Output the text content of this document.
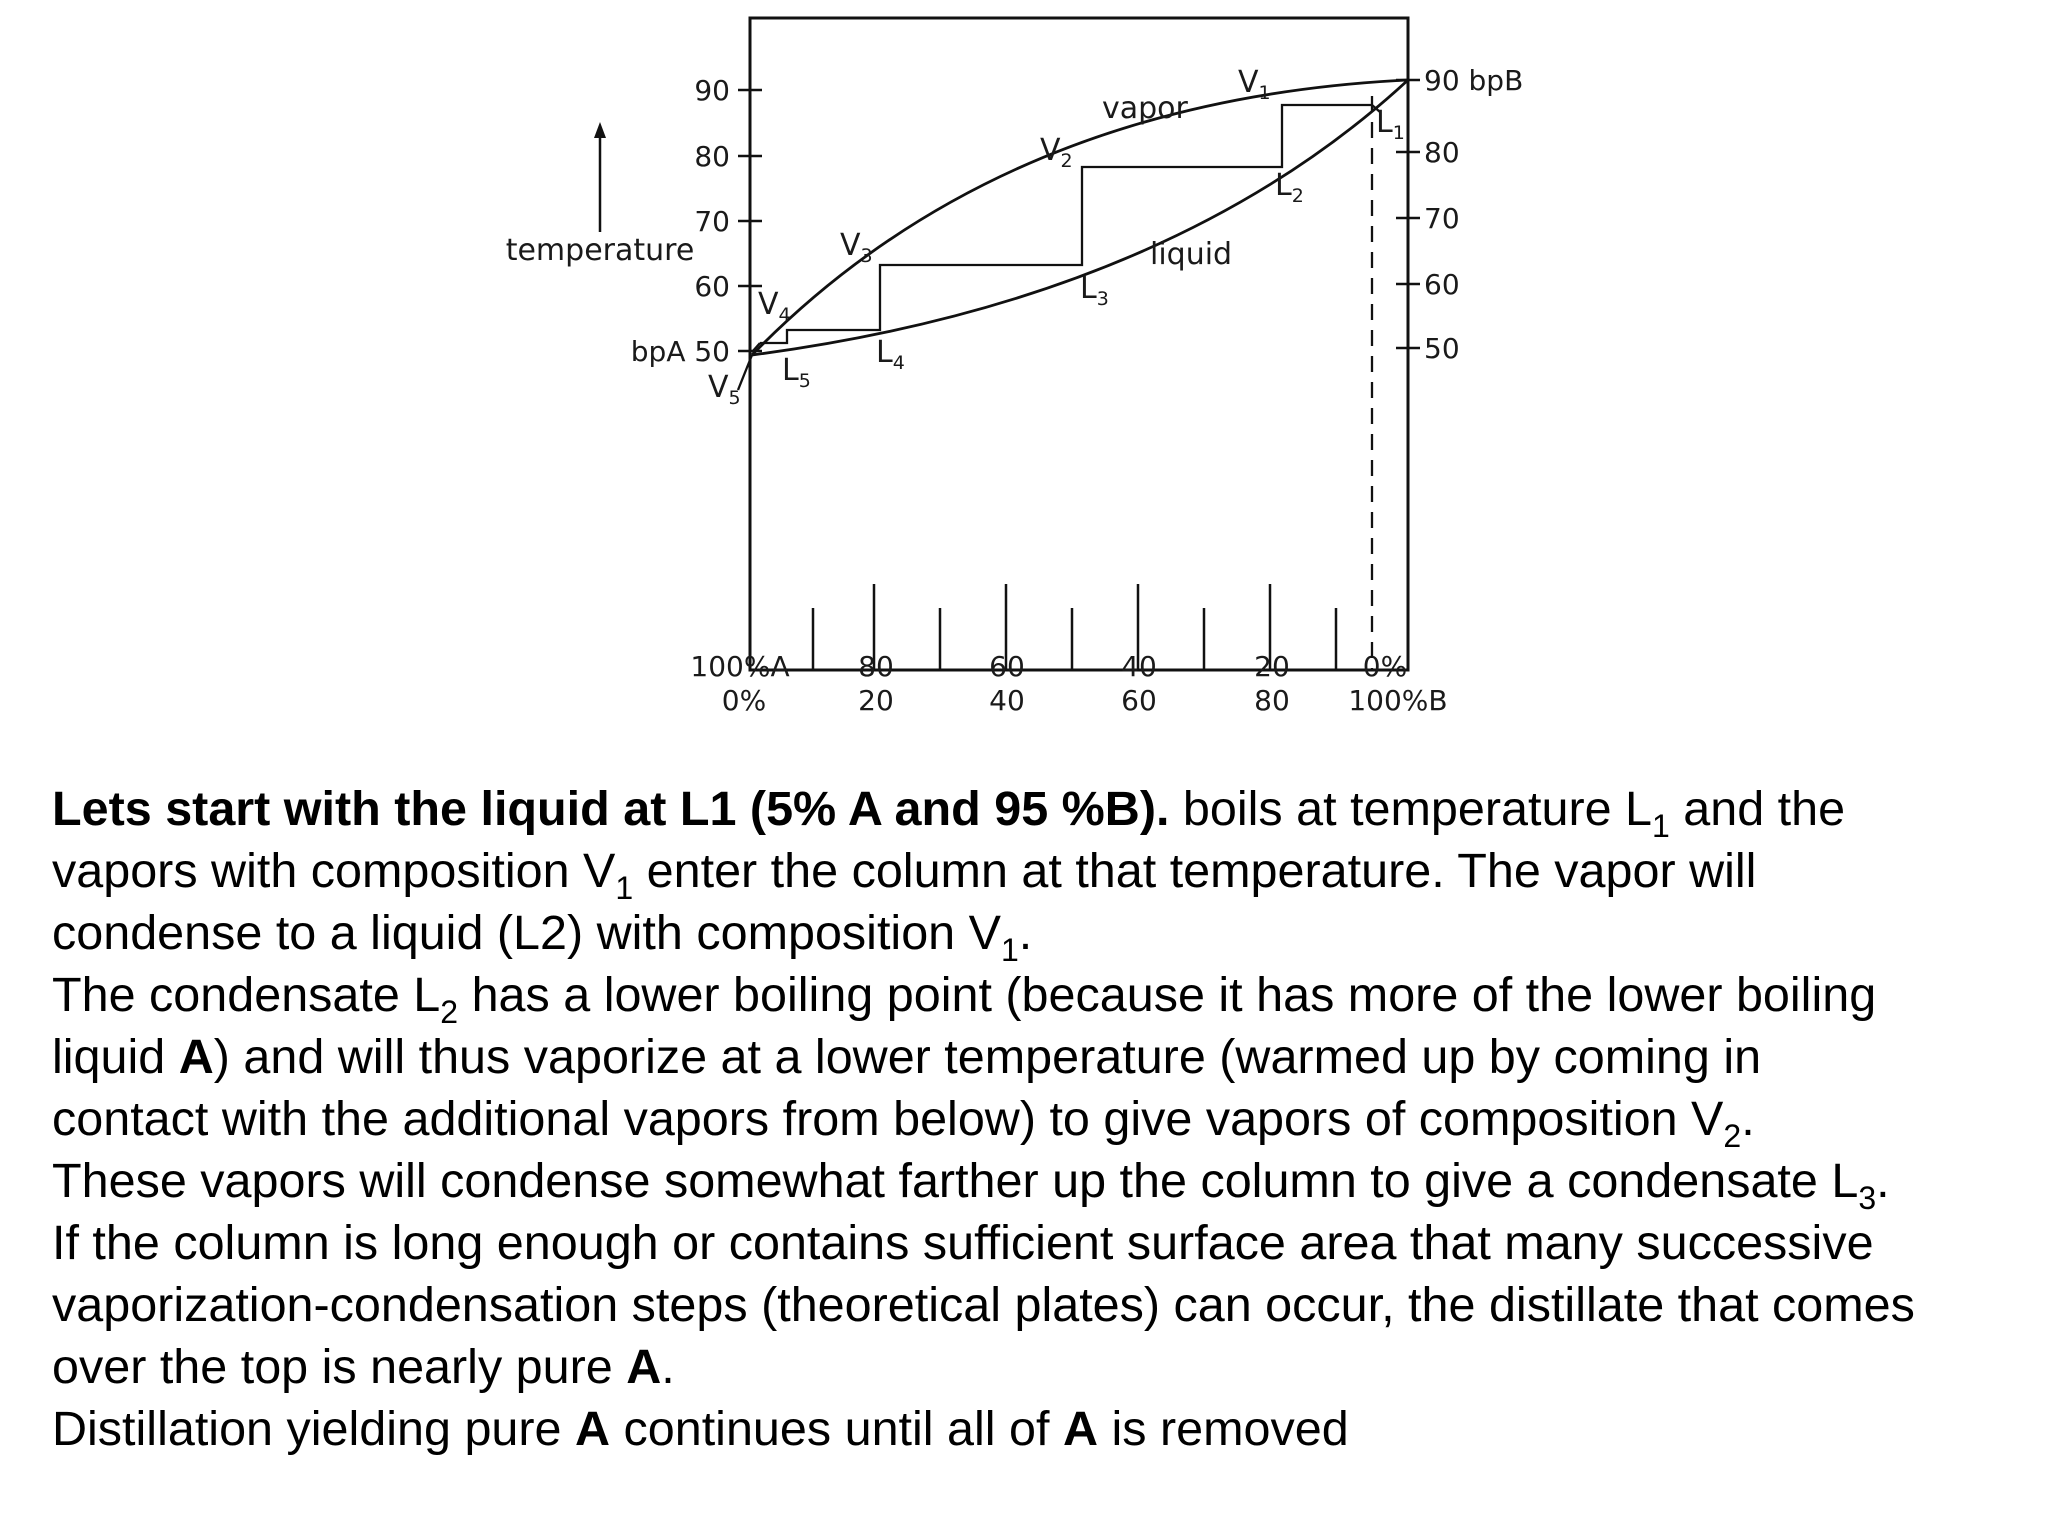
90
80
70
60
bpA 50
temperature
90 bpB
80
70
60
50
100%A
0%
80
20
60
40
40
60
20
80
0%
100%B
vapor
liquid
$V_1$
$V_2$
$V_3$
$V_4$
$V_5$
$L_1$
$L_2$
$L_3$
$L_4$
$L_5$
Lets start with the liquid at L1 (5% A and 95 %B). boils at temperature $L_1$ and the
vapors with composition $V_1$ enter the column at that temperature. The vapor will
condense to a liquid (L2) with composition $V_1$.
The condensate $L_2$ has a lower boiling point (because it has more of the lower boiling
liquid A) and will thus vaporize at a lower temperature (warmed up by coming in
contact with the additional vapors from below) to give vapors of composition $V_2$.
These vapors will condense somewhat farther up the column to give a condensate $L_3$.
If the column is long enough or contains sufficient surface area that many successive
vaporization-condensation steps (theoretical plates) can occur, the distillate that comes
over the top is nearly pure A.
Distillation yielding pure A continues until all of A is removed
